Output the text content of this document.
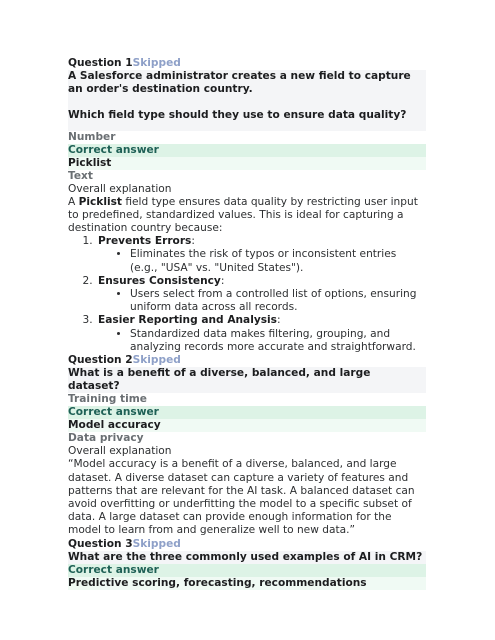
Question 1 Skipped
A Salesforce administrator creates a new field to capture an order's destination country.
Which field type should they use to ensure data quality?
Number
Correct answer
Picklist
Text
Overall explanation
A Picklist field type ensures data quality by restricting user input to predefined, standardized values. This is ideal for capturing a destination country because:
1. Prevents Errors:
• Eliminates the risk of typos or inconsistent entries (e.g., "USA" vs. "United States").
2. Ensures Consistency:
• Users select from a controlled list of options, ensuring uniform data across all records.
3. Easier Reporting and Analysis:
• Standardized data makes filtering, grouping, and analyzing records more accurate and straightforward.
Question 2 Skipped
What is a benefit of a diverse, balanced, and large dataset?
Training time
Correct answer
Model accuracy
Data privacy
Overall explanation
“Model accuracy is a benefit of a diverse, balanced, and large dataset. A diverse dataset can capture a variety of features and patterns that are relevant for the AI task. A balanced dataset can avoid overfitting or underfitting the model to a specific subset of data. A large dataset can provide enough information for the model to learn from and generalize well to new data.”
Question 3 Skipped
What are the three commonly used examples of AI in CRM?
Correct answer
Predictive scoring, forecasting, recommendations
